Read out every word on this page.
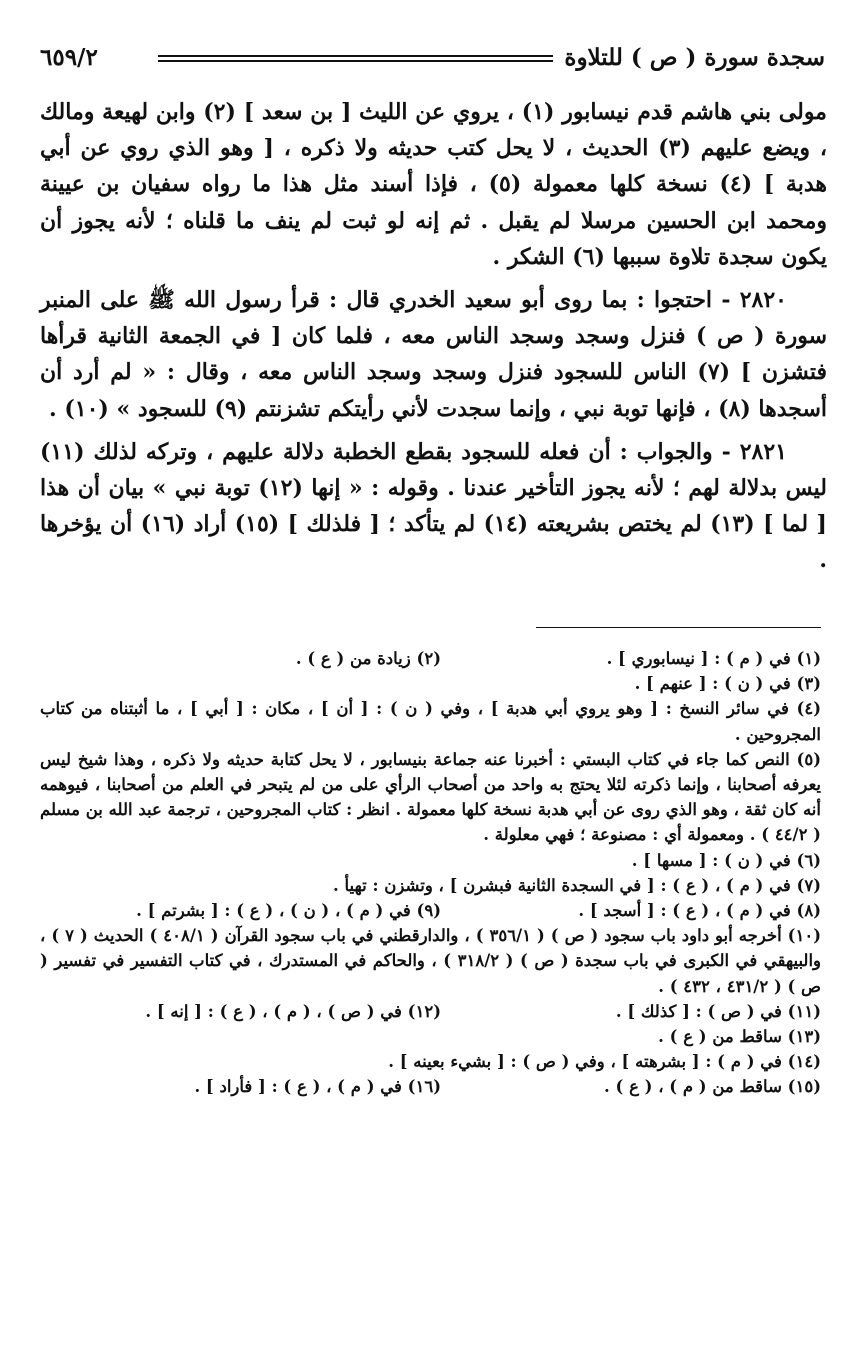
سجدة سورة ( ص ) للتلاوة
٦٥٩/٢

مولى بني هاشم قدم نيسابور (١) ، يروي عن الليث [ بن سعد ] (٢) وابن لهيعة ومالك ، ويضع عليهم (٣) الحديث ، لا يحل كتب حديثه ولا ذكره ، [ وهو الذي روي عن أبي هدبة ] (٤) نسخة كلها معمولة (٥) ، فإذا أسند مثل هذا ما رواه سفيان بن عيينة ومحمد ابن الحسين مرسلا لم يقبل . ثم إنه لو ثبت لم ينف ما قلناه ؛ لأنه يجوز أن يكون سجدة تلاوة سببها (٦) الشكر .

٢٨٢٠ - احتجوا : بما روى أبو سعيد الخدري قال : قرأ رسول الله ﷺ على المنبر سورة ( ص ) فنزل وسجد وسجد الناس معه ، فلما كان [ في الجمعة الثانية قرأها فتشزن ] (٧) الناس للسجود فنزل وسجد وسجد الناس معه ، وقال : « لم أرد أن أسجدها (٨) ، فإنها توبة نبي ، وإنما سجدت لأني رأيتكم تشزنتم (٩) للسجود » (١٠) .

٢٨٢١ - والجواب : أن فعله للسجود بقطع الخطبة دلالة عليهم ، وتركه لذلك (١١) ليس بدلالة لهم ؛ لأنه يجوز التأخير عندنا . وقوله : « إنها (١٢) توبة نبي » بيان أن هذا [ لما ] (١٣) لم يختص بشريعته (١٤) لم يتأكد ؛ [ فلذلك ] (١٥) أراد (١٦) أن يؤخرها .

(١) في ( م ) : [ نيسابوري ] .
(٢) زيادة من ( ع ) .
(٣) في ( ن ) : [ عنهم ] .
(٤) في سائر النسخ : [ وهو يروي أبي هدبة ] ، وفي ( ن ) : [ أن ] ، مكان : [ أبي ] ، ما أثبتناه من كتاب المجروحين .
(٥) النص كما جاء في كتاب البستي : أخبرنا عنه جماعة بنيسابور ، لا يحل كتابة حديثه ولا ذكره ، وهذا شيخ ليس يعرفه أصحابنا ، وإنما ذكرته لئلا يحتج به واحد من أصحاب الرأي على من لم يتبحر في العلم من أصحابنا ، فيوهمه أنه كان ثقة ، وهو الذي روى عن أبي هدبة نسخة كلها معمولة . انظر : كتاب المجروحين ، ترجمة عبد الله بن مسلم ( ٤٤/٢ ) . ومعمولة أي : مصنوعة ؛ فهي معلولة .
(٦) في ( ن ) : [ مسها ] .
(٧) في ( م ) ، ( ع ) : [ في السجدة الثانية فبشرن ] ، وتشزن : تهيأ .
(٨) في ( م ) ، ( ع ) : [ أسجد ] .
(٩) في ( م ) ، ( ن ) ، ( ع ) : [ بشرتم ] .
(١٠) أخرجه أبو داود باب سجود ( ص ) ( ٣٥٦/١ ) ، والدارقطني في باب سجود القرآن ( ٤٠٨/١ ) الحديث ( ٧ ) ، والبيهقي في الكبرى في باب سجدة ( ص ) ( ٣١٨/٢ ) ، والحاكم في المستدرك ، في كتاب التفسير في تفسير ( ص ) ( ٤٣١/٢ ، ٤٣٢ ) .
(١١) في ( ص ) : [ كذلك ] .
(١٢) في ( ص ) ، ( م ) ، ( ع ) : [ إنه ] .
(١٣) ساقط من ( ع ) .
(١٤) في ( م ) : [ بشرهته ] ، وفي ( ص ) : [ بشيء بعينه ] .
(١٥) ساقط من ( م ) ، ( ع ) .
(١٦) في ( م ) ، ( ع ) : [ فأراد ] .
